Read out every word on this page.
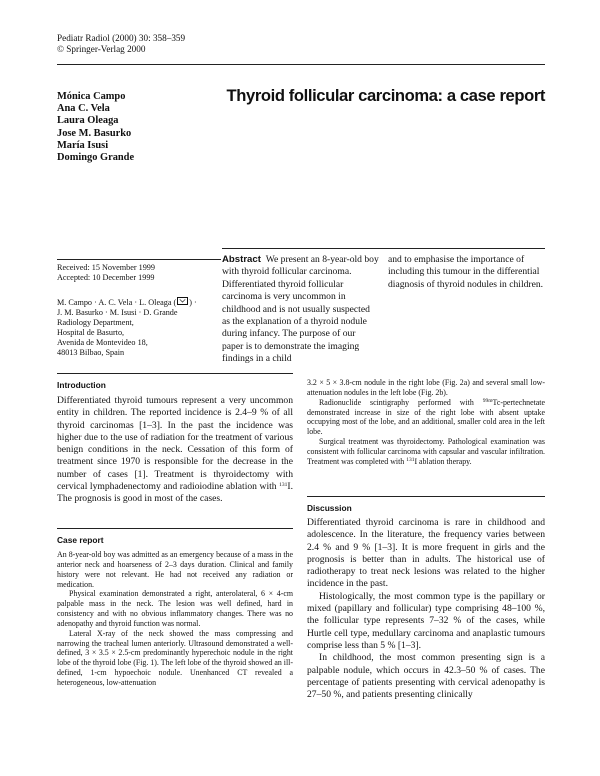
Pediatr Radiol (2000) 30: 358–359
© Springer-Verlag 2000
Mónica Campo
Ana C. Vela
Laura Oleaga
Jose M. Basurko
María Isusi
Domingo Grande
Thyroid follicular carcinoma: a case report
Received: 15 November 1999
Accepted: 10 December 1999
M. Campo · A. C. Vela · L. Oleaga ( ) ·
J. M. Basurko · M. Isusi · D. Grande
Radiology Department,
Hospital de Basurto,
Avenida de Montevideo 18,
48013 Bilbao, Spain
Abstract We present an 8-year-old boy with thyroid follicular carcinoma. Differentiated thyroid follicular carcinoma is very uncommon in childhood and is not usually suspected as the explanation of a thyroid nodule during infancy. The purpose of our paper is to demonstrate the imaging findings in a child
and to emphasise the importance of including this tumour in the differential diagnosis of thyroid nodules in children.
Introduction
Differentiated thyroid tumours represent a very uncommon entity in children. The reported incidence is 2.4–9 % of all thyroid carcinomas [1–3]. In the past the incidence was higher due to the use of radiation for the treatment of various benign conditions in the neck. Cessation of this form of treatment since 1970 is responsible for the decrease in the number of cases [1]. Treatment is thyroidectomy with cervical lymphadenectomy and radioiodine ablation with $^{131}$I. The prognosis is good in most of the cases.
Case report

An 8-year-old boy was admitted as an emergency because of a mass in the anterior neck and hoarseness of 2–3 days duration. Clinical and family history were not relevant. He had not received any radiation or medication.

Physical examination demonstrated a right, anterolateral, 6 × 4-cm palpable mass in the neck. The lesion was well defined, hard in consistency and with no obvious inflammatory changes. There was no adenopathy and thyroid function was normal.

Lateral X-ray of the neck showed the mass compressing and narrowing the tracheal lumen anteriorly. Ultrasound demonstrated a well-defined, 3 × 3.5 × 2.5-cm predominantly hyperechoic nodule in the right lobe of the thyroid lobe (Fig. 1). The left lobe of the thyroid showed an ill-defined, 1-cm hypoechoic nodule. Unenhanced CT revealed a heterogeneous, low-attenuation

3.2 × 5 × 3.8-cm nodule in the right lobe (Fig. 2a) and several small low-attenuation nodules in the left lobe (Fig. 2b).

Radionuclide scintigraphy performed with $^{99m}$Tc-pertechnetate demonstrated increase in size of the right lobe with absent uptake occupying most of the lobe, and an additional, smaller cold area in the left lobe.

Surgical treatment was thyroidectomy. Pathological examination was consistent with follicular carcinoma with capsular and vascular infiltration. Treatment was completed with $^{131}$I ablation therapy.

Discussion

Differentiated thyroid carcinoma is rare in childhood and adolescence. In the literature, the frequency varies between 2.4 % and 9 % [1–3]. It is more frequent in girls and the prognosis is better than in adults. The historical use of radiotherapy to treat neck lesions was related to the higher incidence in the past.

Histologically, the most common type is the papillary or mixed (papillary and follicular) type comprising 48–100 %, the follicular type represents 7–32 % of the cases, while Hurtle cell type, medullary carcinoma and anaplastic tumours comprise less than 5 % [1–3].

In childhood, the most common presenting sign is a palpable nodule, which occurs in 42.3–50 % of cases. The percentage of patients presenting with cervical adenopathy is 27–50 %, and patients presenting clinically
